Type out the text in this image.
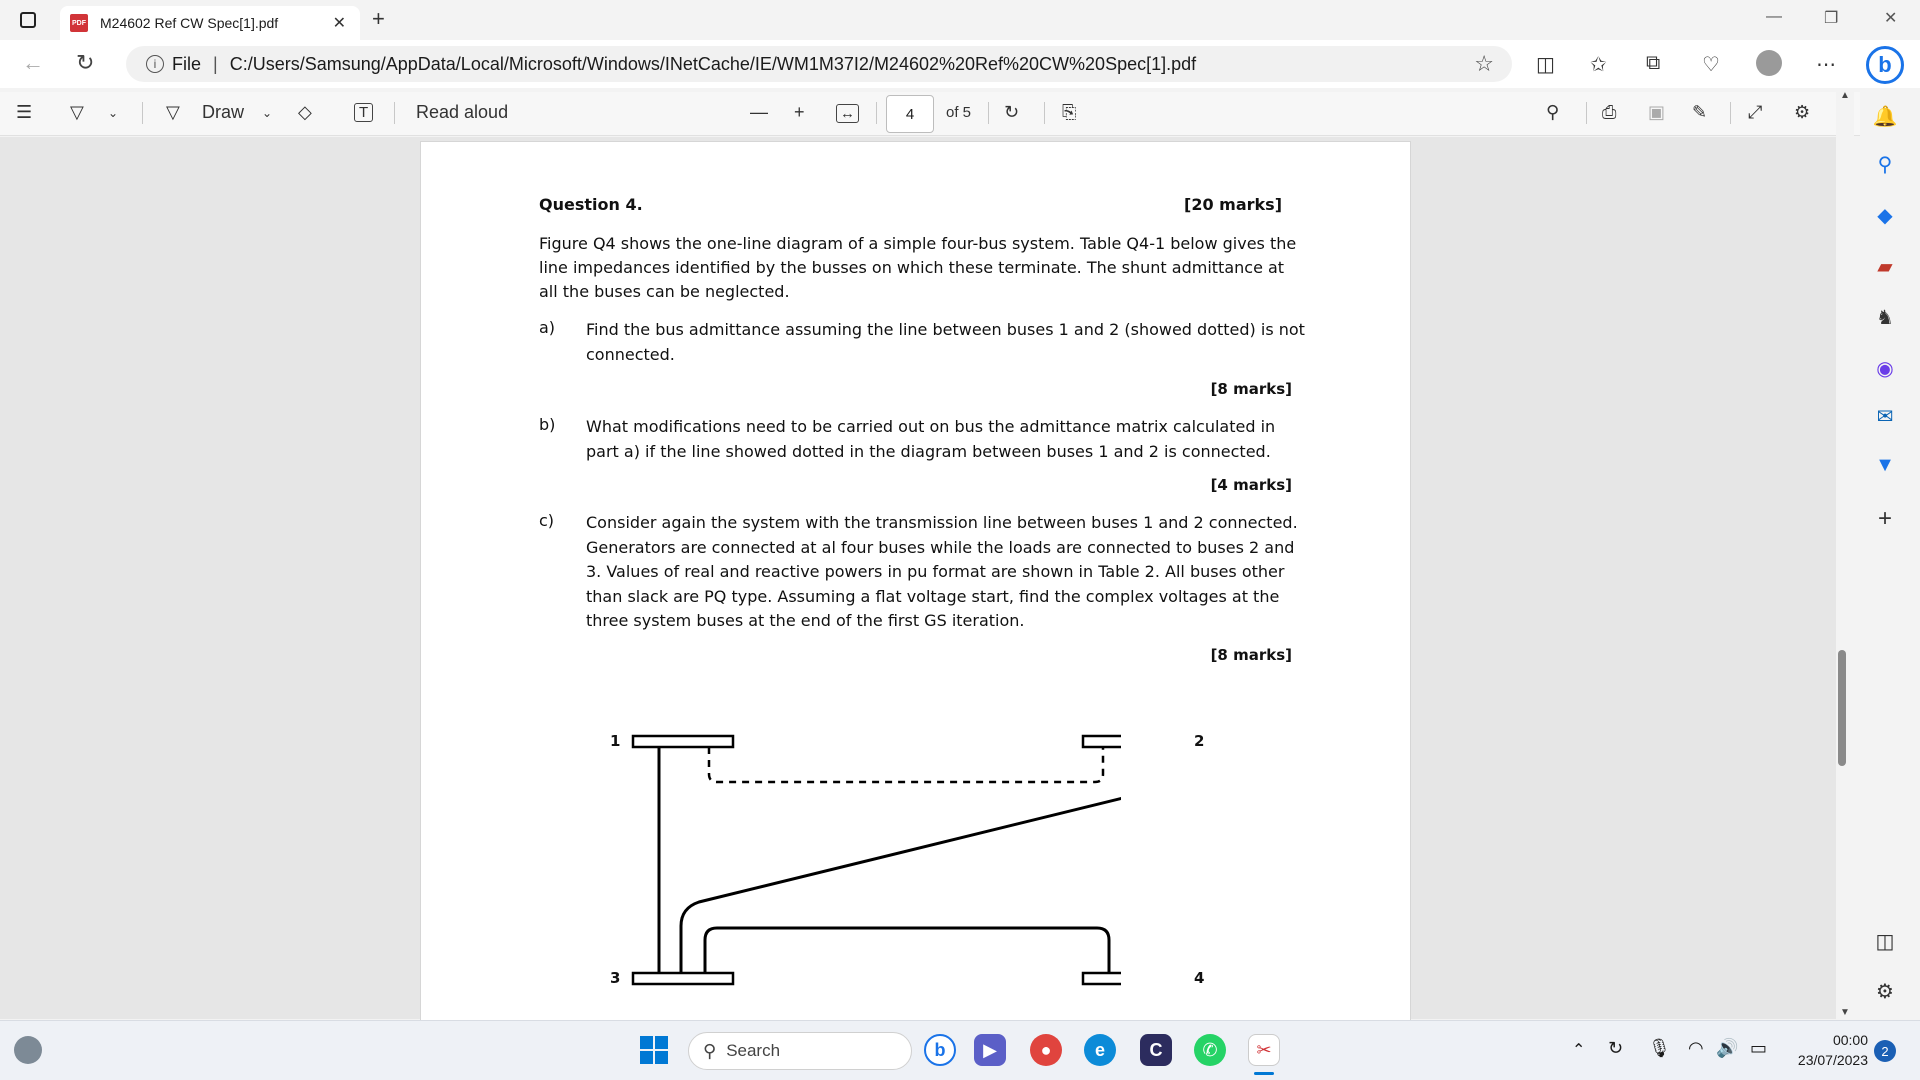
PDF M24602 Ref CW Spec[1].pdf	✕ +	—	❐	✕
← ↻	i File | C:/Users/Samsung/AppData/Local/Microsoft/Windows/INetCache/IE/WM1M37I2/M24602%20Ref%20CW%20Spec[1].pdf	☆ ◫ ✩ ⧉ ♡	⋯	b
☰ ▽ ⌄	▽ Draw ⌄ ◇	T	Read aloud	— + ↔	of 5 ↻ ⎘	⚲ ⎙ ▣ ✎ ⤢ ⚙
4
Question 4.	[20 marks]
Figure Q4 shows the one-line diagram of a simple four-bus system. Table Q4-1 below gives the line impedances identified by the busses on which these terminate. The shunt admittance at all the buses can be neglected.
a) Find the bus admittance assuming the line between buses 1 and 2 (showed dotted) is not connected.
[8 marks]
b) What modifications need to be carried out on bus the admittance matrix calculated in part a) if the line showed dotted in the diagram between buses 1 and 2 is connected.
[4 marks]
c) Consider again the system with the transmission line between buses 1 and 2 connected. Generators are connected at al four buses while the loads are connected to buses 2 and 3. Values of real and reactive powers in pu format are shown in Table 2. All buses other than slack are PQ type. Assuming a flat voltage start, find the complex voltages at the three system buses at the end of the first GS iteration.
[8 marks]
1	2
3	4
▲
▼
🔔
⚲
◆
▰
♞
◉
✉
▼
+
◫
⚙
⚲ Search	b	▶	●	e	C	✆	✂	⌃ ↻ 🎙 ◠ 🔊 ▭	00:00
23/07/2023
2
